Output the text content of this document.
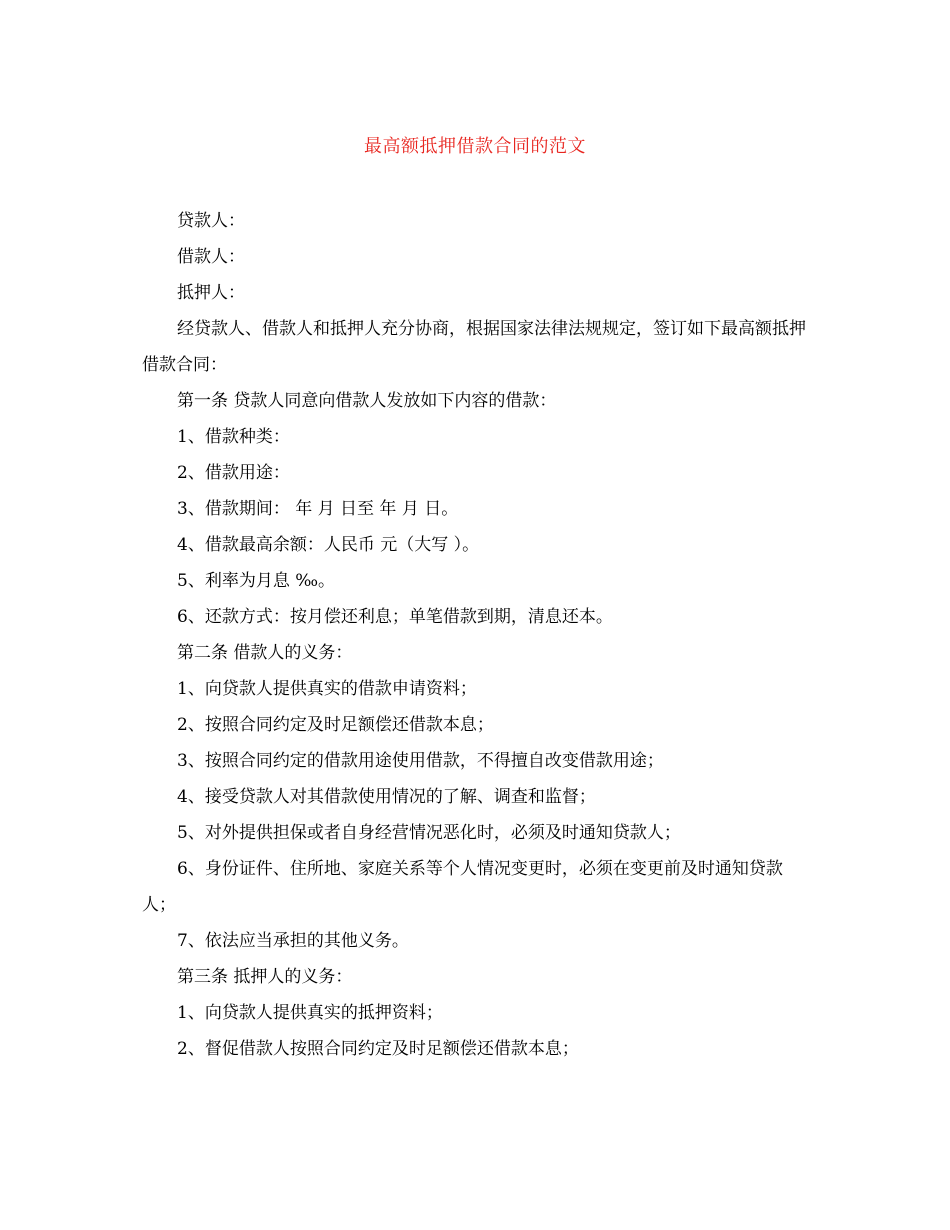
最高额抵押借款合同的范文

贷款人：

借款人：

抵押人：

经贷款人、借款人和抵押人充分协商，根据国家法律法规规定，签订如下最高额抵押借款合同：

第一条 贷款人同意向借款人发放如下内容的借款：

1、借款种类：

2、借款用途：

3、借款期间： 年 月 日至 年 月 日。

4、借款最高余额：人民币 元（大写 ）。

5、利率为月息 ‰。

6、还款方式：按月偿还利息；单笔借款到期，清息还本。

第二条 借款人的义务：

1、向贷款人提供真实的借款申请资料；

2、按照合同约定及时足额偿还借款本息；

3、按照合同约定的借款用途使用借款，不得擅自改变借款用途；

4、接受贷款人对其借款使用情况的了解、调查和监督；

5、对外提供担保或者自身经营情况恶化时，必须及时通知贷款人；

6、身份证件、住所地、家庭关系等个人情况变更时，必须在变更前及时通知贷款人；

7、依法应当承担的其他义务。

第三条 抵押人的义务：

1、向贷款人提供真实的抵押资料；

2、督促借款人按照合同约定及时足额偿还借款本息；
